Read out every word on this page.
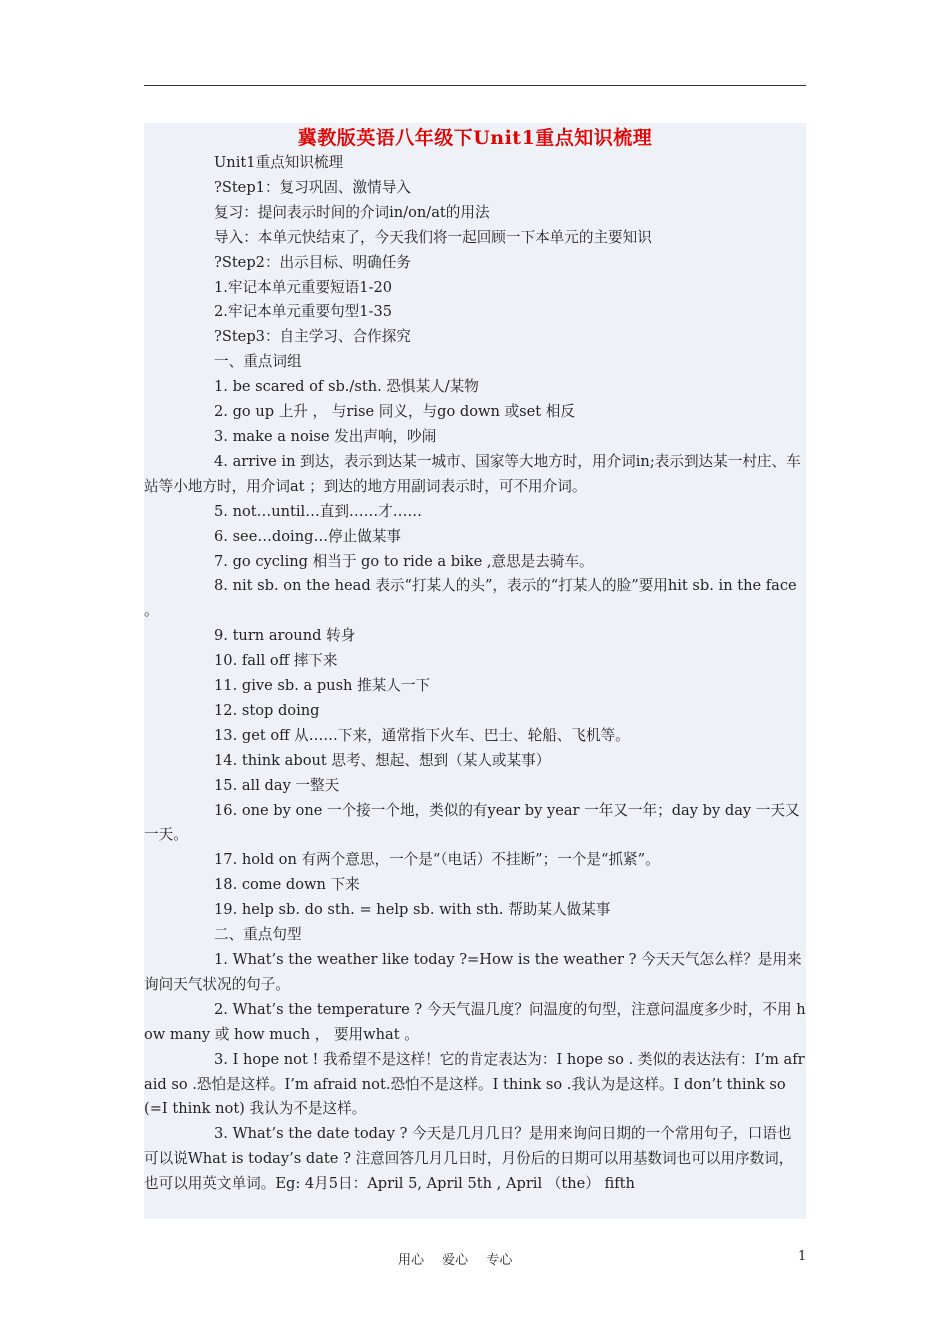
冀教版英语八年级下Unit1重点知识梳理

Unit1重点知识梳理

?Step1：复习巩固、激情导入

复习：提问表示时间的介词in/on/at的用法

导入：本单元快结束了，今天我们将一起回顾一下本单元的主要知识

?Step2：出示目标、明确任务

1.牢记本单元重要短语1-20

2.牢记本单元重要句型1-35

?Step3：自主学习、合作探究

一、重点词组

1. be scared of sb./sth. 恐惧某人/某物

2. go up 上升 ， 与rise 同义，与go down 或set 相反

3. make a noise 发出声响，吵闹

4. arrive in 到达，表示到达某一城市、国家等大地方时，用介词in;表示到达某一村庄、车站等小地方时，用介词at ；到达的地方用副词表示时，可不用介词。

5. not…until…直到……才……

6. see…doing…停止做某事

7. go cycling 相当于 go to ride a bike ,意思是去骑车。

8. nit sb. on the head 表示“打某人的头”，表示的“打某人的脸”要用hit sb. in the face 。

9. turn around 转身

10. fall off 摔下来

11. give sb. a push 推某人一下

12. stop doing

13. get off 从……下来，通常指下火车、巴士、轮船、飞机等。

14. think about 思考、想起、想到（某人或某事）

15. all day 一整天

16. one by one 一个接一个地，类似的有year by year 一年又一年；day by day 一天又一天。

17. hold on 有两个意思，一个是“（电话）不挂断”；一个是“抓紧”。

18. come down 下来

19. help sb. do sth. = help sb. with sth. 帮助某人做某事

二、重点句型

1. What’s the weather like today ?=How is the weather ? 今天天气怎么样？是用来询问天气状况的句子。

2. What’s the temperature ? 今天气温几度？问温度的句型，注意问温度多少时，不用 how many 或 how much ， 要用what 。

3. I hope not ! 我希望不是这样！它的肯定表达为：I hope so . 类似的表达法有：I’m afraid so .恐怕是这样。I’m afraid not.恐怕不是这样。I think so .我认为是这样。I don’t think so (=I think not) 我认为不是这样。

3. What’s the date today ? 今天是几月几日？是用来询问日期的一个常用句子，口语也可以说What is today’s date ? 注意回答几月几日时，月份后的日期可以用基数词也可以用序数词，也可以用英文单词。Eg: 4月5日：April 5, April 5th , April （the） fifth

用心 爱心 专心	1
